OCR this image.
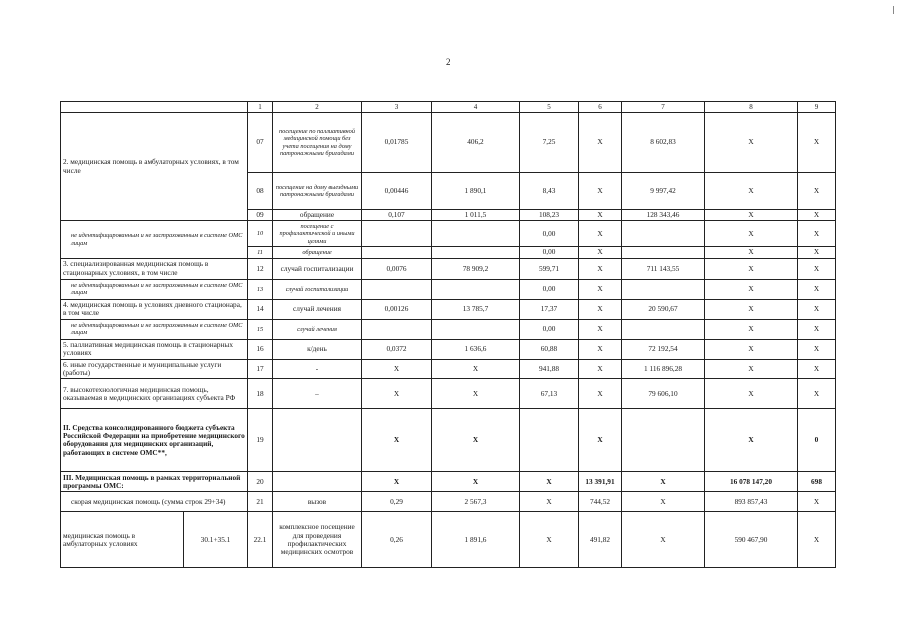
2
		1	2	3	4	5	6	7	8	9
2. медицинская помощь в амбулаторных условиях, в том числе		07	посещение по паллиативной медицинской помощи без учета посещения на дому патронажными бригадами	0,01785	406,2	7,25	Х	8 602,83	Х	Х
		08	посещение на дому выездными патронажными бригадами	0,00446	1 890,1	8,43	Х	9 997,42	Х	Х
		09	обращение	0,107	1 011,5	108,23	Х	128 343,46	Х	Х
не идентифицированным и не застрахованным в системе ОМС лицам		10	посещение с профилактической и иными целями			0,00	Х		Х	Х
		11	обращение			0,00	Х		Х	Х
3. специализированная медицинская помощь в стационарных условиях, в том числе		12	случай госпитализации	0,0076	78 909,2	599,71	Х	711 143,55	Х	Х
не идентифицированным и не застрахованным в системе ОМС лицам		13	случай госпитализации			0,00	Х		Х	Х
4. медицинская помощь в условиях дневного стационара, в том числе		14	случай лечения	0,00126	13 785,7	17,37	Х	20 590,67	Х	Х
не идентифицированным и не застрахованным в системе ОМС лицам		15	случай лечения			0,00	Х		Х	Х
5. паллиативная медицинская помощь в стационарных условиях		16	к/день	0,0372	1 636,6	60,88	Х	72 192,54	Х	Х
6. иные государственные и муниципальные услуги (работы)		17	-	Х	Х	941,88	Х	1 116 896,28	Х	Х
7. высокотехнологичная медицинская помощь, оказываемая в медицинских организациях субъекта РФ		18	–	Х	Х	67,13	Х	79 606,10	Х	Х
II. Средства консолидированного бюджета субъекта Российской Федерации на приобретение медицинского оборудования для медицинских организаций, работающих в системе ОМС**,		19		Х	Х		Х		Х	0
III. Медицинская помощь в рамках территориальной программы ОМС:		20		Х	Х	Х	13 391,91	Х	16 078 147,20	698
скорая медицинская помощь (сумма строк 29+34)		21	вызов	0,29	2 567,3	Х	744,52	Х	893 857,43	Х
медицинская помощь в амбулаторных условиях	30.1+35.1	22.1	комплексное посещение для проведения профилактических медицинских осмотров	0,26	1 891,6	Х	491,82	Х	590 467,90	Х
